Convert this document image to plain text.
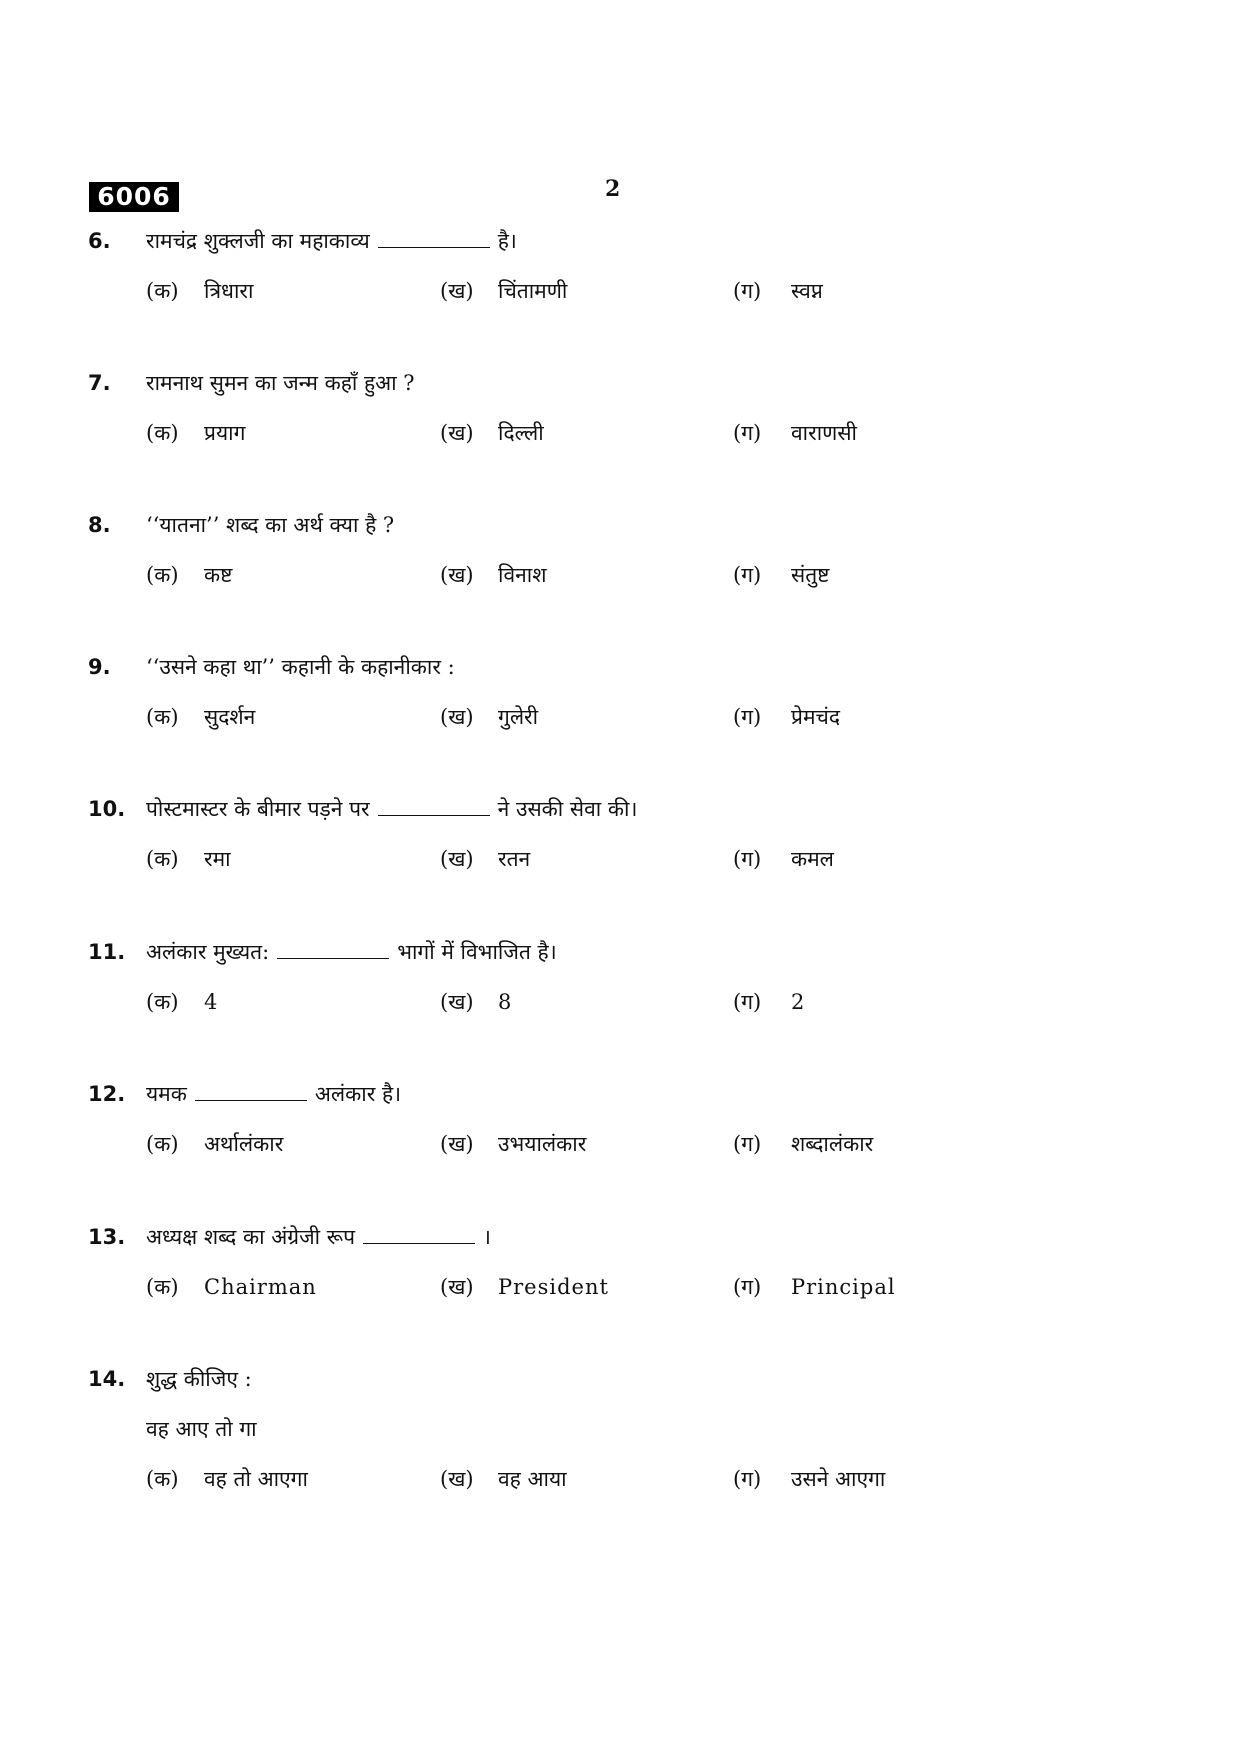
6006	2
6. रामचंद्र शुक्लजी का महाकाव्य	है।
(क) त्रिधारा	(ख) चिंतामणी	(ग) स्वप्न
7. रामनाथ सुमन का जन्म कहाँ हुआ ?
(क) प्रयाग	(ख) दिल्ली	(ग) वाराणसी
8. ‘‘यातना’’ शब्द का अर्थ क्या है ?
(क) कष्ट	(ख) विनाश	(ग) संतुष्ट
9. ‘‘उसने कहा था’’ कहानी के कहानीकार :
(क) सुदर्शन	(ख) गुलेरी	(ग) प्रेमचंद
10. पोस्टमास्टर के बीमार पड़ने पर	ने उसकी सेवा की।
(क) रमा	(ख) रतन	(ग) कमल
11. अलंकार मुख्यत:	भागों में विभाजित है।
(क) 4	(ख) 8	(ग) 2
12. यमक	अलंकार है।
(क) अर्थालंकार	(ख) उभयालंकार	(ग) शब्दालंकार
13. अध्यक्ष शब्द का अंग्रेजी रूप	।
(क) Chairman	(ख) President	(ग) Principal
14. शुद्ध कीजिए :
वह आए तो गा
(क) वह तो आएगा	(ख) वह आया	(ग) उसने आएगा
